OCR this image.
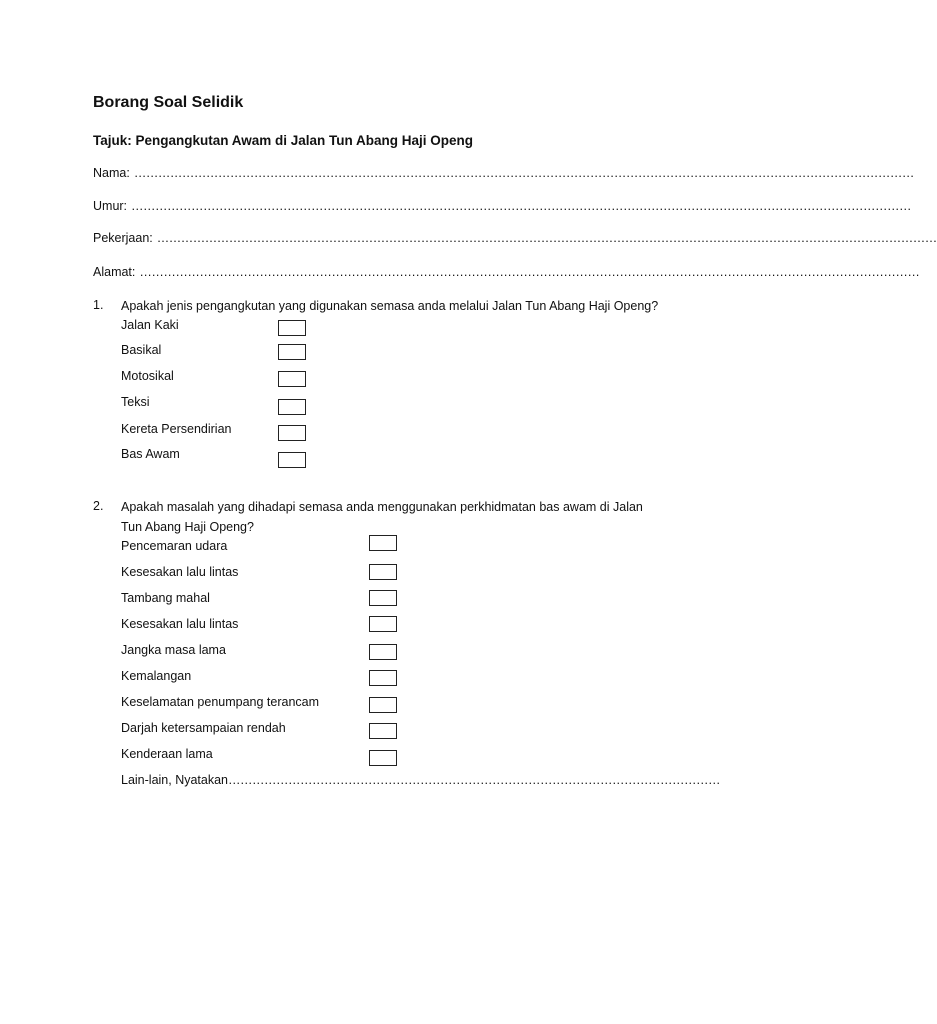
Borang Soal Selidik
Tajuk: Pengangkutan Awam di Jalan Tun Abang Haji Openg
Nama: ……………………………………………………………………………………………………………………………………………………………………………
Umur: ……………………………………………………………………………………………………………………………………………………………………………
Pekerjaan: ……………………………………………………………………………………………………………………………………………………………………………
Alamat: ……………………………………………………………………………………………………………………………………………………………………………
1. Apakah jenis pengangkutan yang digunakan semasa anda melalui Jalan Tun Abang Haji Openg?
Jalan Kaki
Basikal
Motosikal
Teksi
Kereta Persendirian
Bas Awam
2. Apakah masalah yang dihadapi semasa anda menggunakan perkhidmatan bas awam di Jalan Tun Abang Haji Openg?
Pencemaran udara
Kesesakan lalu lintas
Tambang mahal
Kesesakan lalu lintas
Jangka masa lama
Kemalangan
Keselamatan penumpang terancam
Darjah ketersampaian rendah
Kenderaan lama
Lain-lain, Nyatakan ……………………………………………………………………………………………………………
